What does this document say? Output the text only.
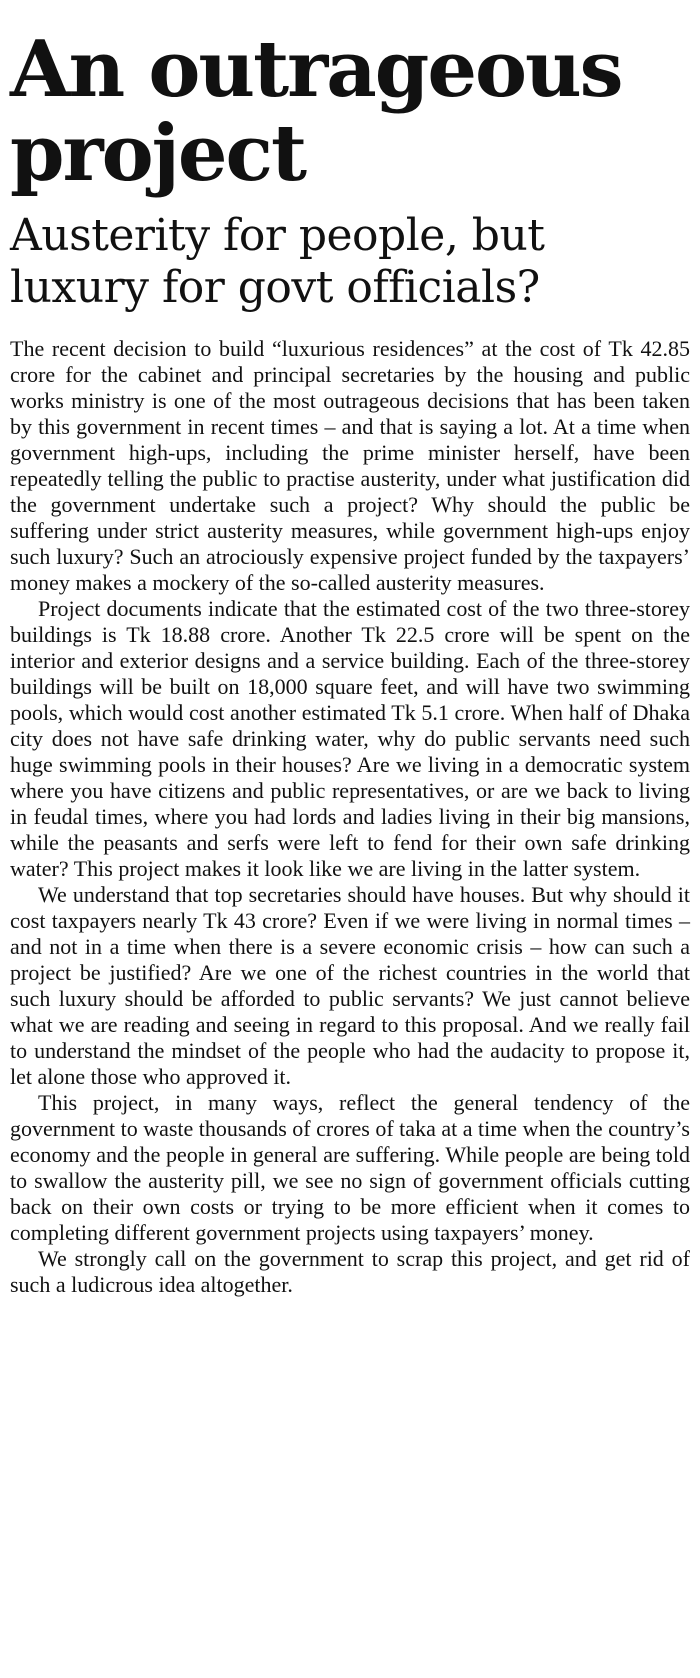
An outrageous project
Austerity for people, but luxury for govt officials?

The recent decision to build “luxurious residences” at the cost of Tk 42.85 crore for the cabinet and principal secretaries by the housing and public works ministry is one of the most outrageous decisions that has been taken by this government in recent times – and that is saying a lot. At a time when government high-ups, including the prime minister herself, have been repeatedly telling the public to practise austerity, under what justification did the government undertake such a project? Why should the public be suffering under strict austerity measures, while government high-ups enjoy such luxury? Such an atrociously expensive project funded by the taxpayers’ money makes a mockery of the so-called austerity measures.

Project documents indicate that the estimated cost of the two three-storey buildings is Tk 18.88 crore. Another Tk 22.5 crore will be spent on the interior and exterior designs and a service building. Each of the three-storey buildings will be built on 18,000 square feet, and will have two swimming pools, which would cost another estimated Tk 5.1 crore. When half of Dhaka city does not have safe drinking water, why do public servants need such huge swimming pools in their houses? Are we living in a democratic system where you have citizens and public representatives, or are we back to living in feudal times, where you had lords and ladies living in their big mansions, while the peasants and serfs were left to fend for their own safe drinking water? This project makes it look like we are living in the latter system.

We understand that top secretaries should have houses. But why should it cost taxpayers nearly Tk 43 crore? Even if we were living in normal times – and not in a time when there is a severe economic crisis – how can such a project be justified? Are we one of the richest countries in the world that such luxury should be afforded to public servants? We just cannot believe what we are reading and seeing in regard to this proposal. And we really fail to understand the mindset of the people who had the audacity to propose it, let alone those who approved it.

This project, in many ways, reflect the general tendency of the government to waste thousands of crores of taka at a time when the country’s economy and the people in general are suffering. While people are being told to swallow the austerity pill, we see no sign of government officials cutting back on their own costs or trying to be more efficient when it comes to completing different government projects using taxpayers’ money.

We strongly call on the government to scrap this project, and get rid of such a ludicrous idea altogether.
